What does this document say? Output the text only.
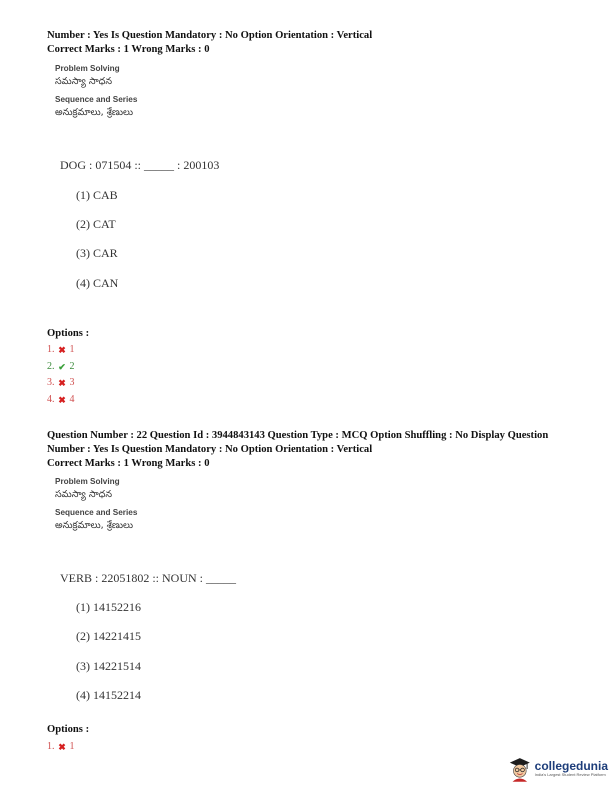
Number : Yes Is Question Mandatory : No Option Orientation : Vertical
Correct Marks : 1 Wrong Marks : 0
Problem Solving
సమస్యా సాధన
Sequence and Series
అనుక్రమాలు, శ్రేణులు
DOG : 071504 :: _____ : 200103
(1) CAB
(2) CAT
(3) CAR
(4) CAN
Options :
1. ✖ 1
2. ✔ 2
3. ✖ 3
4. ✖ 4
Question Number : 22 Question Id : 3944843143 Question Type : MCQ Option Shuffling : No Display Question
Number : Yes Is Question Mandatory : No Option Orientation : Vertical
Correct Marks : 1 Wrong Marks : 0
Problem Solving
సమస్యా సాధన
Sequence and Series
అనుక్రమాలు, శ్రేణులు
VERB : 22051802 :: NOUN : _____
(1) 14152216
(2) 14221415
(3) 14221514
(4) 14152214
Options :
1. ✖ 1
collegedunia
India's Largest Student Review Platform
